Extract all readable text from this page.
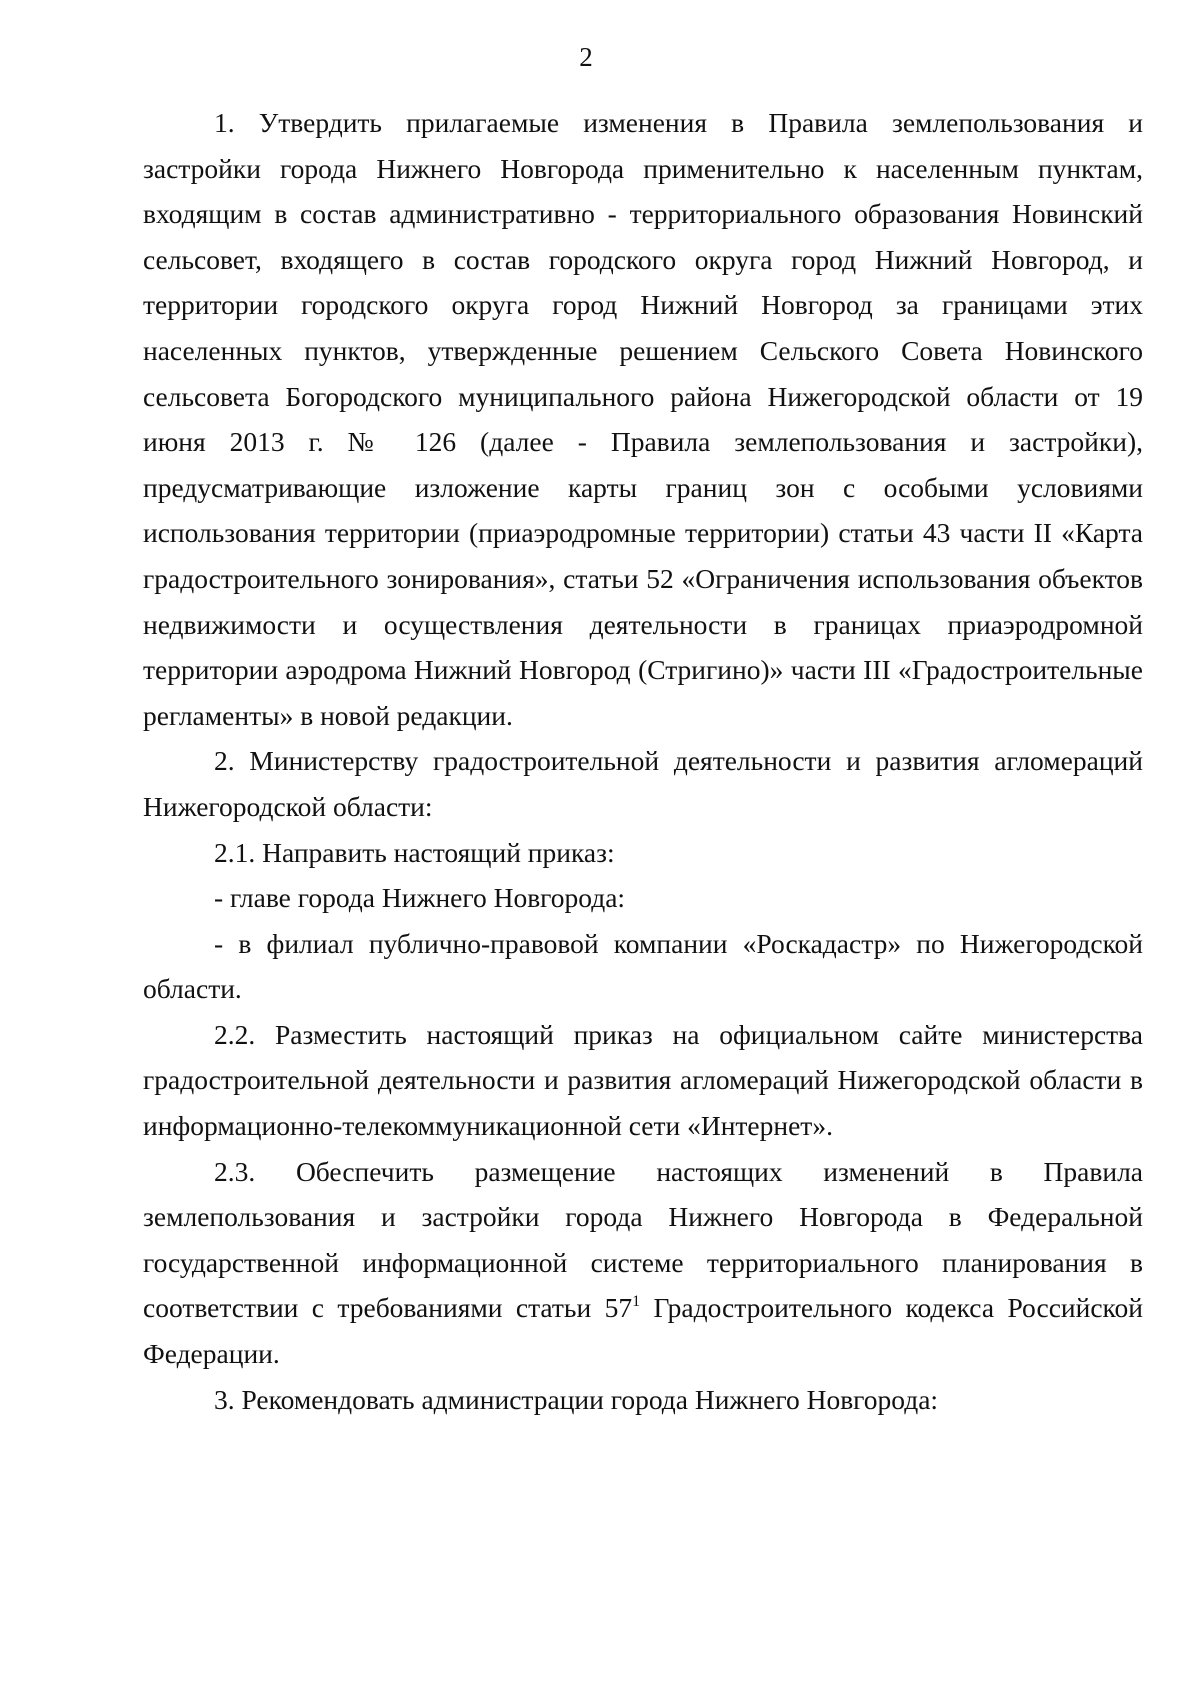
2

1. Утвердить прилагаемые изменения в Правила землепользования и застройки города Нижнего Новгорода применительно к населенным пунктам, входящим в состав административно - территориального образования Новинский сельсовет, входящего в состав городского округа город Нижний Новгород, и территории городского округа город Нижний Новгород за границами этих населенных пунктов, утвержденные решением Сельского Совета Новинского сельсовета Богородского муниципального района Нижегородской области от 19 июня 2013 г. № 126 (далее - Правила землепользования и застройки), предусматривающие изложение карты границ зон с особыми условиями использования территории (приаэродромные территории) статьи 43 части II «Карта градостроительного зонирования», статьи 52 «Ограничения использования объектов недвижимости и осуществления деятельности в границах приаэродромной территории аэродрома Нижний Новгород (Стригино)» части III «Градостроительные регламенты» в новой редакции.

2. Министерству градостроительной деятельности и развития агломераций Нижегородской области:

2.1. Направить настоящий приказ:

- главе города Нижнего Новгорода:

- в филиал публично-правовой компании «Роскадастр» по Нижегородской области.

2.2. Разместить настоящий приказ на официальном сайте министерства градостроительной деятельности и развития агломераций Нижегородской области в информационно-телекоммуникационной сети «Интернет».

2.3. Обеспечить размещение настоящих изменений в Правила землепользования и застройки города Нижнего Новгорода в Федеральной государственной информационной системе территориального планирования в соответствии с требованиями статьи $57^1$ Градостроительного кодекса Российской Федерации.

3. Рекомендовать администрации города Нижнего Новгорода:
